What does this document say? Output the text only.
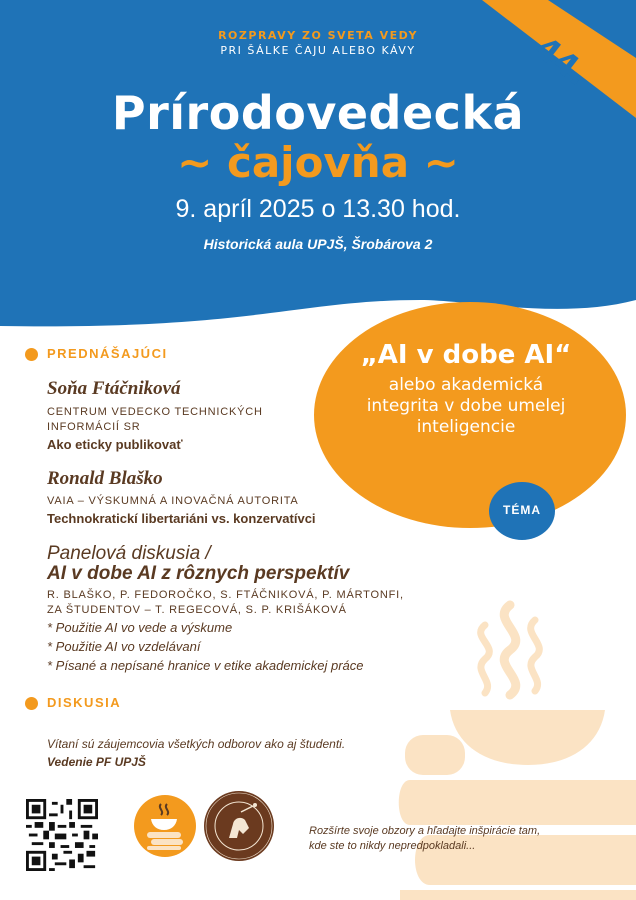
44.
ROZPRAVY ZO SVETA VEDY
PRI ŠÁLKE ČAJU ALEBO KÁVY
Prírodovedecká
~ čajovňa ~
9. apríl 2025 o 13.30 hod.
Historická aula UPJŠ, Šrobárova 2
„AI v dobe AI“
alebo akademická
integrita v dobe umelej
inteligencie
TÉMA
PREDNÁŠAJÚCI
Soňa Ftáčniková
CENTRUM VEDECKO TECHNICKÝCH
INFORMÁCIÍ SR
Ako eticky publikovať
Ronald Blaško
VAIA – VÝSKUMNÁ A INOVAČNÁ AUTORITA
Technokratickí libertariáni vs. konzervatívci
Panelová diskusia /
AI v dobe AI z rôznych perspektív
R. BLAŠKO, P. FEDOROČKO, S. FTÁČNIKOVÁ, P. MÁRTONFI,
ZA ŠTUDENTOV – T. REGECOVÁ, S. P. KRIŠÁKOVÁ
* Použitie AI vo vede a výskume
* Použitie AI vo vzdelávaní
* Písané a nepísané hranice v etike akademickej práce
DISKUSIA
Vítaní sú záujemcovia všetkých odborov ako aj študenti.
Vedenie PF UPJŠ
Rozšírte svoje obzory a hľadajte inšpirácie tam,
kde ste to nikdy nepredpokladali...
